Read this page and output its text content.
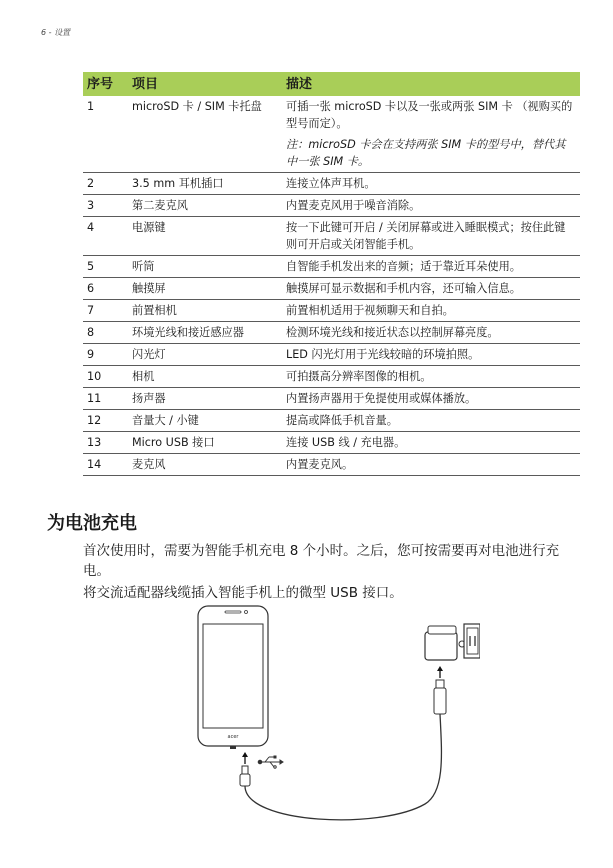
6 - 设置
序号	项目	描述

1	microSD 卡 / SIM 卡托盘	可插一张 microSD 卡以及一张或两张 SIM 卡 （视购买的型号而定）。
注：microSD 卡会在支持两张 SIM 卡的型号中，替代其中一张 SIM 卡。

2	3.5 mm 耳机插口	连接立体声耳机。

3	第二麦克风	内置麦克风用于噪音消除。

4	电源键	按一下此键可开启 / 关闭屏幕或进入睡眠模式；按住此键则可开启或关闭智能手机。

5	听筒	自智能手机发出来的音频；适于靠近耳朵使用。

6	触摸屏	触摸屏可显示数据和手机内容，还可输入信息。

7	前置相机	前置相机适用于视频聊天和自拍。

8	环境光线和接近感应器	检测环境光线和接近状态以控制屏幕亮度。

9	闪光灯	LED 闪光灯用于光线较暗的环境拍照。

10	相机	可拍摄高分辨率图像的相机。

11	扬声器	内置扬声器用于免提使用或媒体播放。

12	音量大 / 小键	提高或降低手机音量。

13	Micro USB 接口	连接 USB 线 / 充电器。

14	麦克风	内置麦克风。
为电池充电

首次使用时，需要为智能手机充电 8 个小时。之后，您可按需要再对电池进行充电。

将交流适配器线缆插入智能手机上的微型 USB 接口。

acer
